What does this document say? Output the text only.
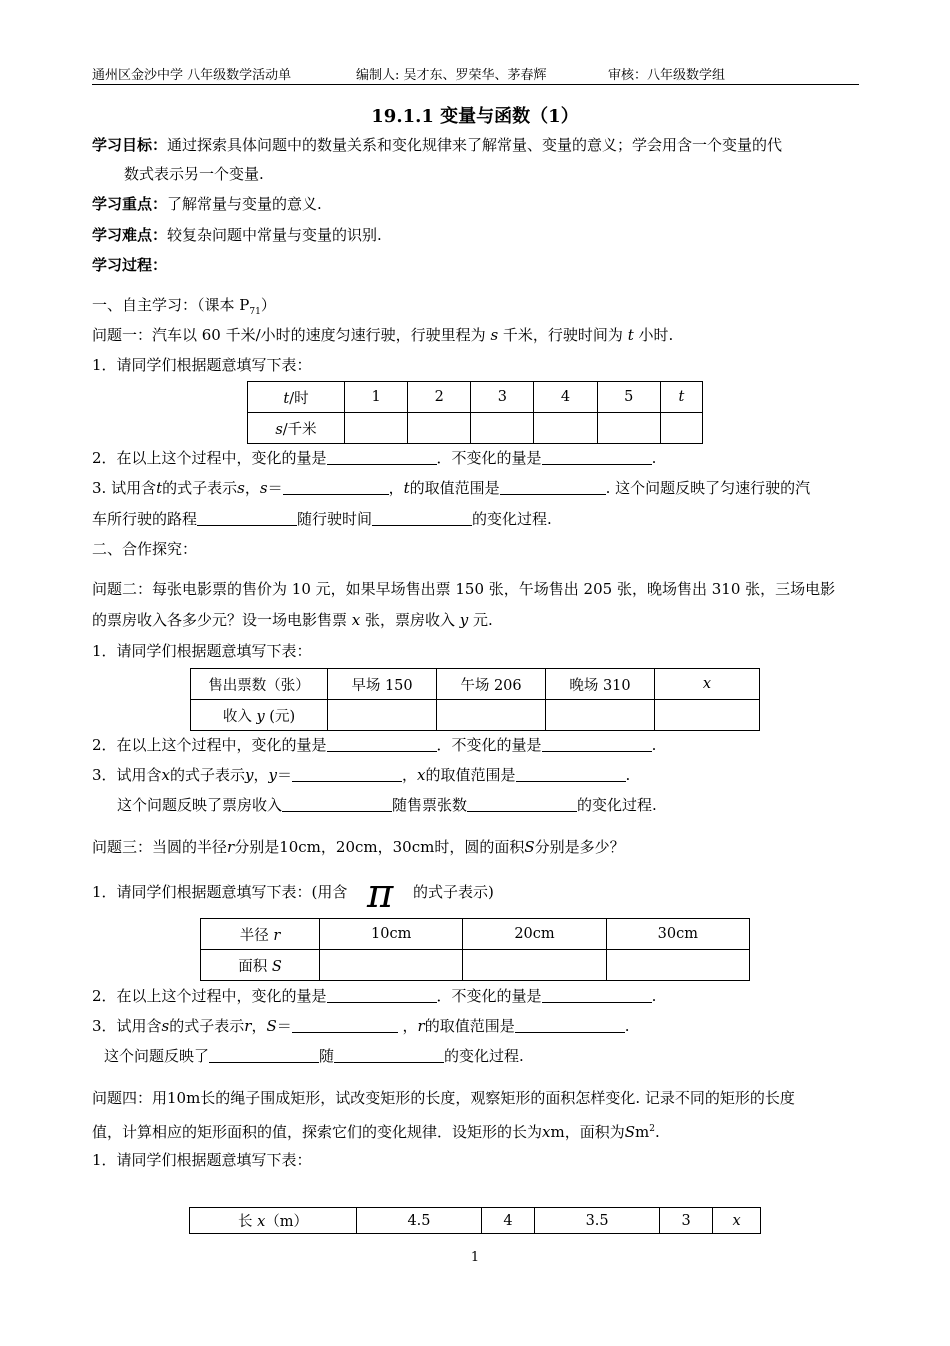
通州区金沙中学 八年级数学活动单	编制人: 吴才东、罗荣华、茅春辉	审核：八年级数学组
19.1.1 变量与函数（1）
学习目标：通过探索具体问题中的数量关系和变化规律来了解常量、变量的意义；学会用含一个变量的代
数式表示另一个变量.
学习重点：了解常量与变量的意义.
学习难点：较复杂问题中常量与变量的识别.
学习过程：
一、自主学习：（课本 $P_{71}$）
问题一：汽车以 60 千米/小时的速度匀速行驶，行驶里程为 s 千米，行驶时间为 t 小时.
1．请同学们根据题意填写下表：
t/时	1	2	3	4	5	t
s/千米						
2．在以上这个过程中，变化的量是	．不变化的量是	.
3. 试用含t的式子表示s，s＝	，t的取值范围是	. 这个问题反映了匀速行驶的汽
车所行驶的路程	随行驶时间	的变化过程.
二、合作探究：
问题二：每张电影票的售价为 10 元，如果早场售出票 150 张，午场售出 205 张，晚场售出 310 张，三场电影
的票房收入各多少元？设一场电影售票 x 张，票房收入 y 元.
1．请同学们根据题意填写下表：
售出票数（张）	早场 150	午场 206	晚场 310	x
收入 y (元)				
2．在以上这个过程中，变化的量是	．不变化的量是	.
3．试用含x的式子表示y，y＝	，x的取值范围是	.
这个问题反映了票房收入	随售票张数	的变化过程.
问题三：当圆的半径r分别是10cm，20cm，30cm时，圆的面积S分别是多少？
1．请同学们根据题意填写下表：(用含 π 的式子表示)
半径 r	10cm	20cm	30cm
面积 S			
2．在以上这个过程中，变化的量是	．不变化的量是	.
3．试用含s的式子表示r，S＝	，r的取值范围是	.
这个问题反映了	随	的变化过程.
问题四：用10m长的绳子围成矩形，试改变矩形的长度，观察矩形的面积怎样变化. 记录不同的矩形的长度
值，计算相应的矩形面积的值，探索它们的变化规律．设矩形的长为xm，面积为Sm$^2$.
1．请同学们根据题意填写下表：
长 x（m）	4.5	4	3.5	3	x
1
